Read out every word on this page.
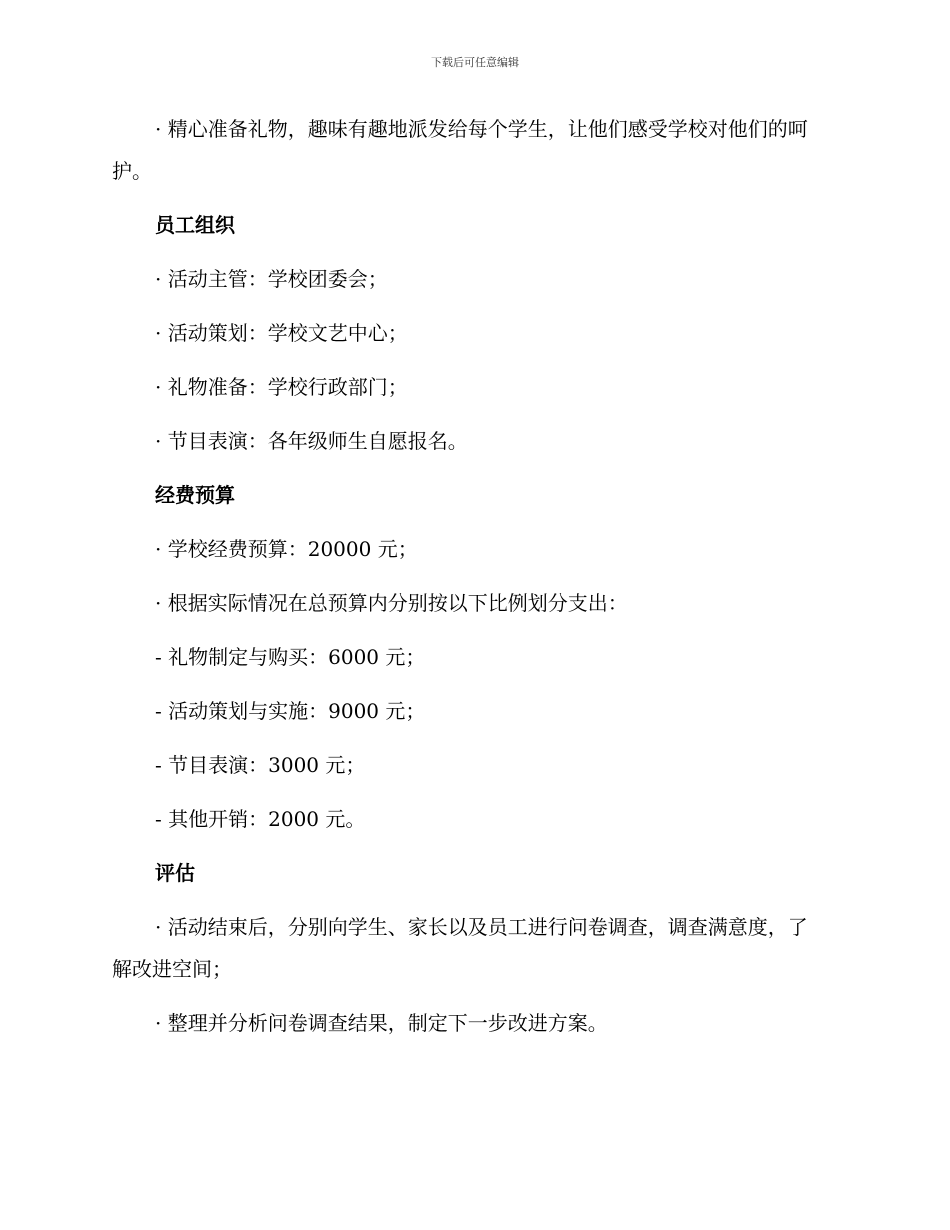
下载后可任意编辑

· 精心准备礼物，趣味有趣地派发给每个学生，让他们感受学校对他们的呵护。

员工组织

· 活动主管：学校团委会；

· 活动策划：学校文艺中心；

· 礼物准备：学校行政部门；

· 节目表演：各年级师生自愿报名。

经费预算

· 学校经费预算：20000 元；

· 根据实际情况在总预算内分别按以下比例划分支出：

- 礼物制定与购买：6000 元；

- 活动策划与实施：9000 元；

- 节目表演：3000 元；

- 其他开销：2000 元。

评估

· 活动结束后，分别向学生、家长以及员工进行问卷调查，调查满意度，了解改进空间；

· 整理并分析问卷调查结果，制定下一步改进方案。
